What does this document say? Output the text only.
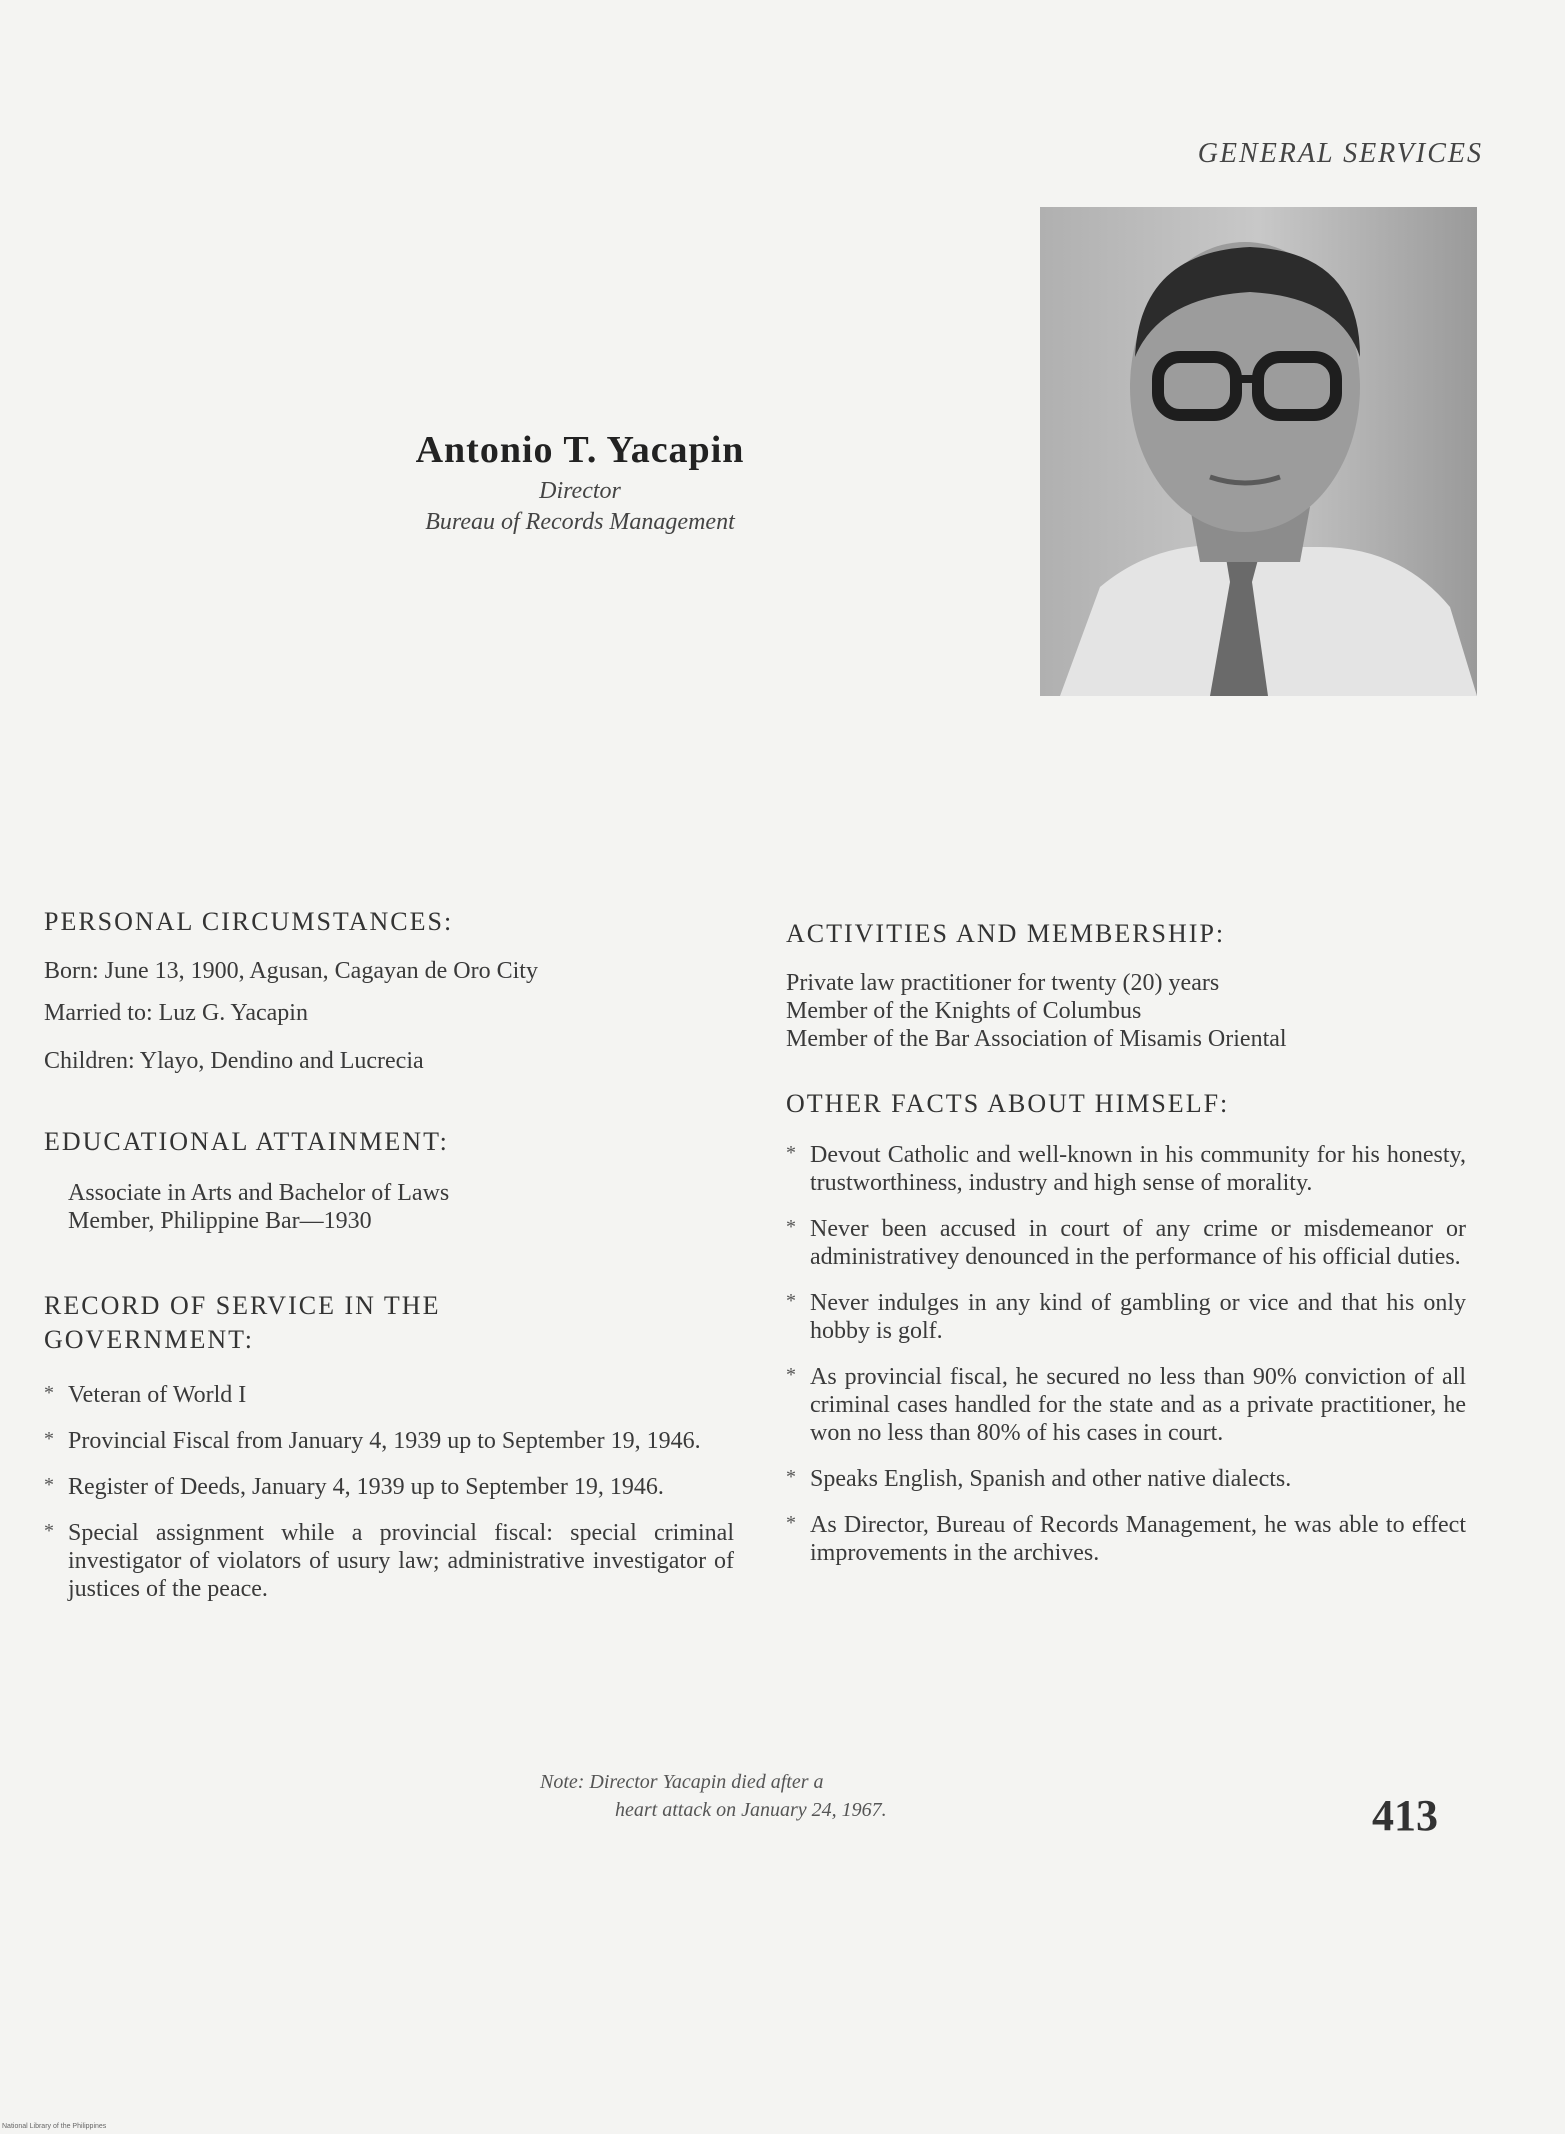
GENERAL SERVICES
Antonio T. Yacapin
Director
Bureau of Records Management
PERSONAL CIRCUMSTANCES:

Born: June 13, 1900, Agusan, Cagayan de Oro City

Married to: Luz G. Yacapin

Children: Ylayo, Dendino and Lucrecia

EDUCATIONAL ATTAINMENT:
Associate in Arts and Bachelor of Laws
Member, Philippine Bar—1930
RECORD OF SERVICE IN THE
GOVERNMENT:
* Veteran of World I
* Provincial Fiscal from January 4, 1939 up to September 19, 1946.
* Register of Deeds, January 4, 1939 up to September 19, 1946.
* Special assignment while a provincial fiscal: special criminal investigator of violators of usury law; administrative investigator of justices of the peace.
ACTIVITIES AND MEMBERSHIP:
Private law practitioner for twenty (20) years
Member of the Knights of Columbus
Member of the Bar Association of Misamis Oriental
OTHER FACTS ABOUT HIMSELF:
* Devout Catholic and well-known in his community for his honesty, trustworthiness, industry and high sense of morality.
* Never been accused in court of any crime or misdemeanor or administrativey denounced in the performance of his official duties.
* Never indulges in any kind of gambling or vice and that his only hobby is golf.
* As provincial fiscal, he secured no less than 90% conviction of all criminal cases handled for the state and as a private practitioner, he won no less than 80% of his cases in court.
* Speaks English, Spanish and other native dialects.
* As Director, Bureau of Records Management, he was able to effect improvements in the archives.
Note: Director Yacapin died after a
heart attack on January 24, 1967.	413
National Library of the Philippines
